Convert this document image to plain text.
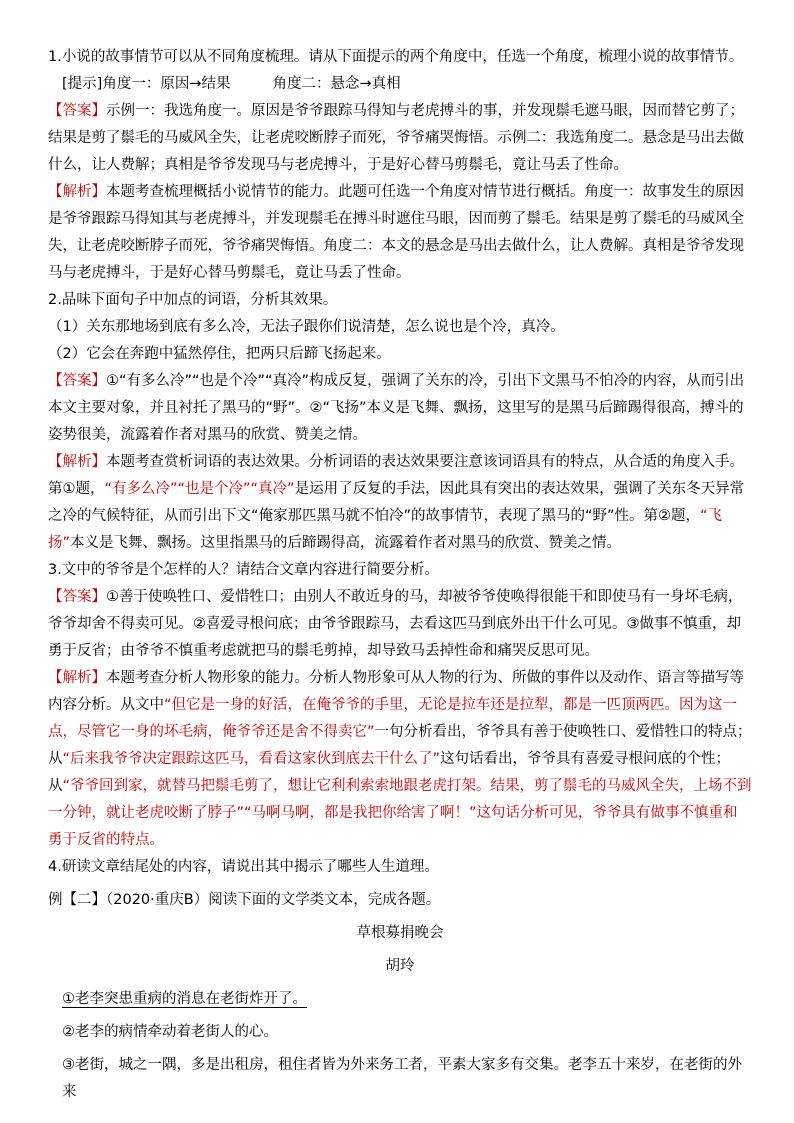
1.小说的故事情节可以从不同角度梳理。请从下面提示的两个角度中，任选一个角度，梳理小说的故事情节。

[提示]角度一：原因→结果	角度二：悬念→真相

【答案】示例一：我选角度一。原因是爷爷跟踪马得知与老虎搏斗的事，并发现鬃毛遮马眼，因而替它剪了；结果是剪了鬃毛的马威风全失，让老虎咬断脖子而死，爷爷痛哭悔悟。示例二：我选角度二。悬念是马出去做什么，让人费解；真相是爷爷发现马与老虎搏斗，于是好心替马剪鬃毛，竟让马丢了性命。

【解析】本题考查梳理概括小说情节的能力。此题可任选一个角度对情节进行概括。角度一：故事发生的原因是爷爷跟踪马得知其与老虎搏斗，并发现鬃毛在搏斗时遮住马眼，因而剪了鬃毛。结果是剪了鬃毛的马威风全失，让老虎咬断脖子而死，爷爷痛哭悔悟。角度二：本文的悬念是马出去做什么，让人费解。真相是爷爷发现马与老虎搏斗，于是好心替马剪鬃毛，竟让马丢了性命。

2.品味下面句子中加点的词语，分析其效果。

（1）关东那地场到底有多么冷，无法子跟你们说清楚，怎么说也是个冷，真冷。

（2）它会在奔跑中猛然停住，把两只后蹄飞扬起来。

【答案】①“有多么冷”“也是个冷”“真冷”构成反复，强调了关东的冷，引出下文黑马不怕冷的内容，从而引出本文主要对象，并且衬托了黑马的“野”。②“飞扬”本义是飞舞、飘扬，这里写的是黑马后蹄踢得很高，搏斗的姿势很美，流露着作者对黑马的欣赏、赞美之情。

【解析】本题考查赏析词语的表达效果。分析词语的表达效果要注意该词语具有的特点，从合适的角度入手。第①题，“有多么冷”“也是个冷”“真冷”是运用了反复的手法，因此具有突出的表达效果，强调了关东冬天异常之冷的气候特征，从而引出下文“俺家那匹黑马就不怕冷”的故事情节，表现了黑马的“野”性。第②题，“飞扬”本义是飞舞、飘扬。这里指黑马的后蹄踢得高，流露着作者对黑马的欣赏、赞美之情。

3.文中的爷爷是个怎样的人？请结合文章内容进行简要分析。

【答案】①善于使唤牲口、爱惜牲口；由别人不敢近身的马，却被爷爷使唤得很能干和即使马有一身坏毛病，爷爷却舍不得卖可见。②喜爱寻根问底；由爷爷跟踪马，去看这匹马到底外出干什么可见。③做事不慎重，却勇于反省；由爷爷不慎重考虑就把马的鬃毛剪掉，却导致马丢掉性命和痛哭反思可见。

【解析】本题考查分析人物形象的能力。分析人物形象可从人物的行为、所做的事件以及动作、语言等描写等内容分析。从文中“但它是一身的好活，在俺爷爷的手里，无论是拉车还是拉犁，都是一匹顶两匹。因为这一点，尽管它一身的坏毛病，俺爷爷还是舍不得卖它”一句分析看出，爷爷具有善于使唤牲口、爱惜牲口的特点；从“后来我爷爷决定跟踪这匹马，看看这家伙到底去干什么了”这句话看出，爷爷具有喜爱寻根问底的个性；从“爷爷回到家，就替马把鬃毛剪了，想让它利利索索地跟老虎打架。结果，剪了鬃毛的马威风全失，上场不到一分钟，就让老虎咬断了脖子”“马啊马啊，都是我把你给害了啊！”这句话分析可见，爷爷具有做事不慎重和勇于反省的特点。

4.研读文章结尾处的内容，请说出其中揭示了哪些人生道理。

例【二】（2020·重庆B）阅读下面的文学类文本，完成各题。

草根募捐晚会

胡玲

①老李突患重病的消息在老街炸开了。

②老李的病情牵动着老街人的心。

③老街，城之一隅，多是出租房，租住者皆为外来务工者，平素大家多有交集。老李五十来岁，在老街的外来
